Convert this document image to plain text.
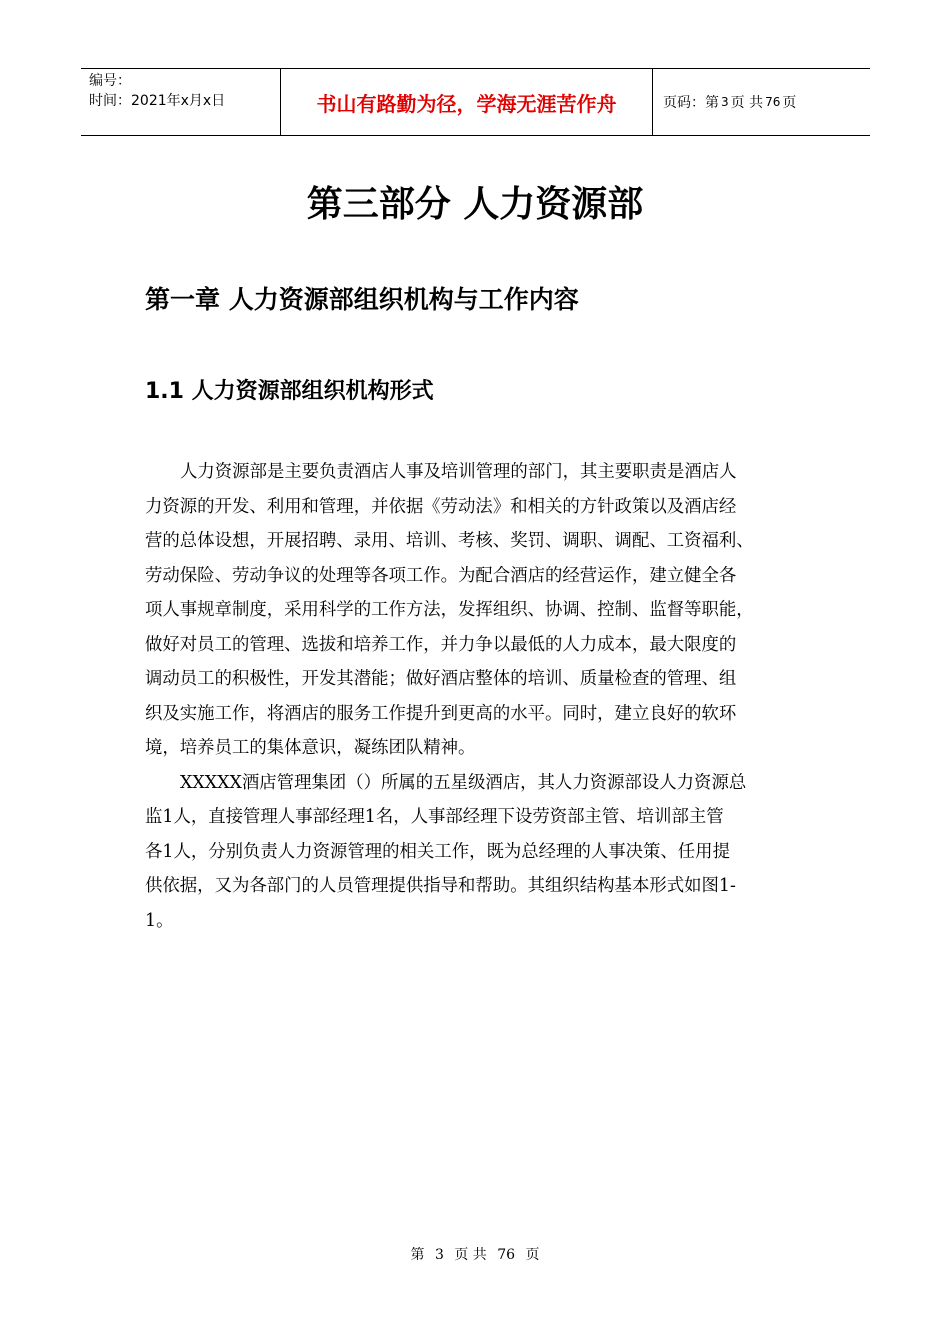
编号：
时间：2021年x月x日	书山有路勤为径，学海无涯苦作舟	页码：第 3 页 共 76 页
第三部分 人力资源部
第一章 人力资源部组织机构与工作内容
1.1 人力资源部组织机构形式
人力资源部是主要负责酒店人事及培训管理的部门，其主要职责是酒店人
力资源的开发、利用和管理，并依据《劳动法》和相关的方针政策以及酒店经
营的总体设想，开展招聘、录用、培训、考核、奖罚、调职、调配、工资福利、
劳动保险、劳动争议的处理等各项工作。为配合酒店的经营运作，建立健全各
项人事规章制度，采用科学的工作方法，发挥组织、协调、控制、监督等职能，
做好对员工的管理、选拔和培养工作，并力争以最低的人力成本，最大限度的
调动员工的积极性，开发其潜能；做好酒店整体的培训、质量检查的管理、组
织及实施工作，将酒店的服务工作提升到更高的水平。同时，建立良好的软环
境，培养员工的集体意识，凝练团队精神。
XXXXX酒店管理集团（）所属的五星级酒店，其人力资源部设人力资源总
监1人，直接管理人事部经理1名，人事部经理下设劳资部主管、培训部主管
各1人，分别负责人力资源管理的相关工作，既为总经理的人事决策、任用提
供依据，又为各部门的人员管理提供指导和帮助。其组织结构基本形式如图1-
1。
第 3 页 共 76 页
